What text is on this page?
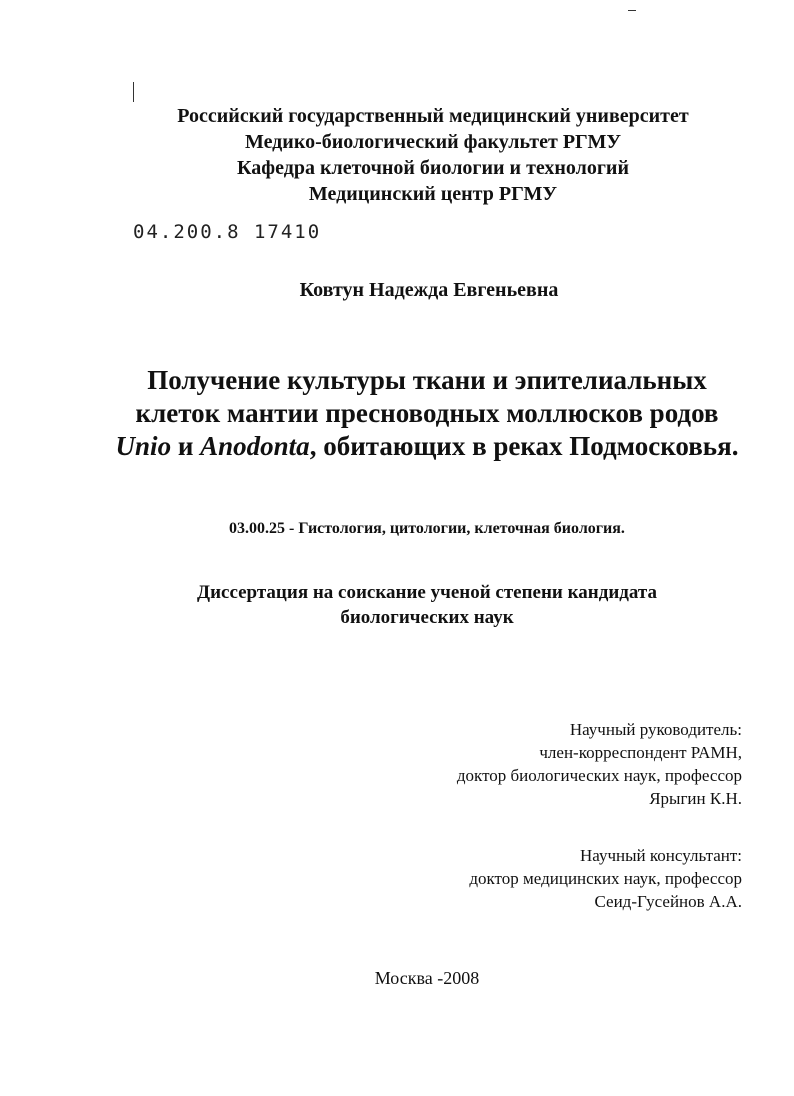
Российский государственный медицинский университет
Медико-биологический факультет РГМУ
Кафедра клеточной биологии и технологий
Медицинский центр РГМУ
04.200.8 17410
Ковтун Надежда Евгеньевна
Получение культуры ткани и эпителиальных
клеток мантии пресноводных моллюсков родов
Unio и Anodonta, обитающих в реках Подмосковья.
03.00.25 - Гистология, цитологии, клеточная биология.
Диссертация на соискание ученой степени кандидата
биологических наук
Научный руководитель:
член-корреспондент РАМН,
доктор биологических наук, профессор
Ярыгин К.Н.
Научный консультант:
доктор медицинских наук, профессор
Сеид-Гусейнов А.А.
Москва -2008
